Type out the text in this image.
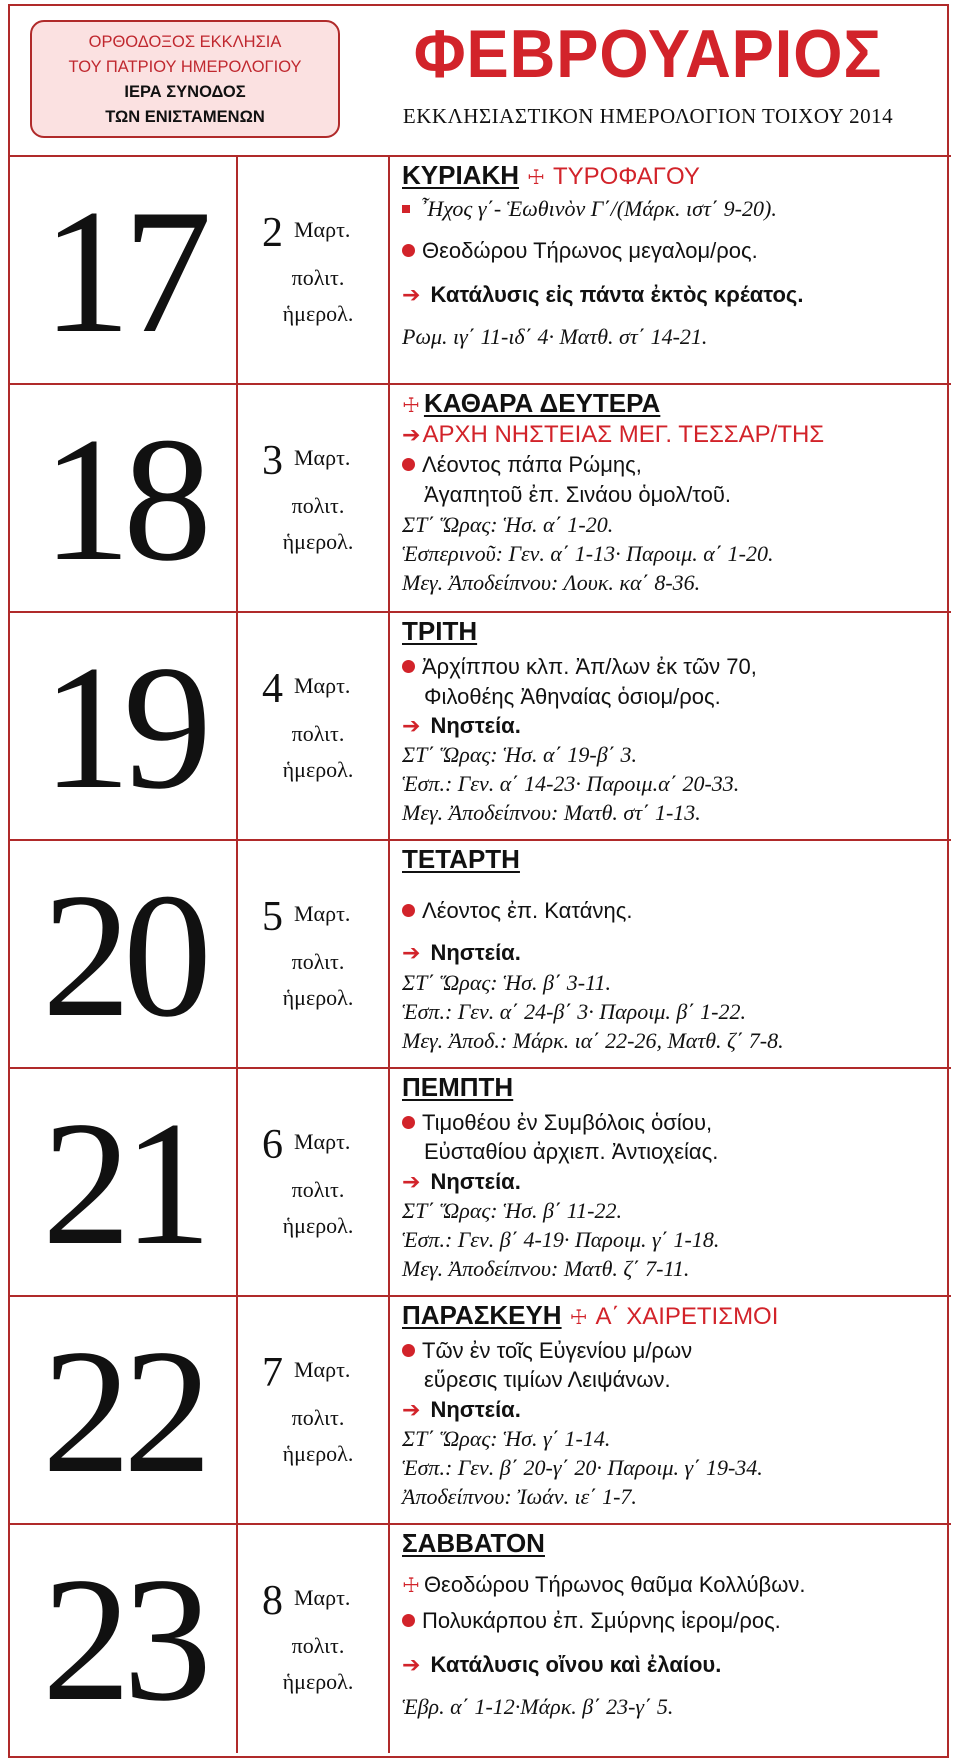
ΟΡΘΟΔΟΞΟΣ ΕΚΚΛΗΣΙΑ
ΤΟΥ ΠΑΤΡΙΟΥ ΗΜΕΡΟΛΟΓΙΟΥ
ΙΕΡΑ ΣΥΝΟΔΟΣ
ΤΩΝ ΕΝΙΣΤΑΜΕΝΩΝ
ΦΕΒΡΟΥΑΡΙΟΣ
ΕΚΚΛΗΣΙΑΣΤΙΚΟΝ ΗΜΕΡΟΛΟΓΙΟΝ ΤΟΙΧΟΥ 2014
17	2 Μαρτ.
πολιτ.
ἡμερολ.
ΚΥΡΙΑΚΗ ☩ ΤΥΡΟΦΑΓΟΥ
῏Ηχος γ΄- Ἑωθινὸν Γ΄/(Μάρκ. ιστ΄ 9-20).
Θεοδώρου Τήρωνος μεγαλομ/ρος.
➔ Κατάλυσις εἰς πάντα ἐκτὸς κρέατος.
Ρωμ. ιγ΄ 11-ιδ΄ 4· Ματθ. στ΄ 14-21.
18	3 Μαρτ.
πολιτ.
ἡμερολ.
☩ ΚΑΘΑΡΑ ΔΕΥΤΕΡΑ
➔ΑΡΧΗ ΝΗΣΤΕΙΑΣ ΜΕΓ. ΤΕΣΣΑΡ/ΤΗΣ
Λέοντος πάπα Ρώμης,
Ἀγαπητοῦ ἐπ. Σινάου ὁμολ/τοῦ.
ΣΤ΄ Ὥρας: Ἡσ. α΄ 1-20.
Ἑσπερινοῦ: Γεν. α΄ 1-13· Παροιμ. α΄ 1-20.
Μεγ. Ἀποδείπνου: Λουκ. κα΄ 8-36.
19	4 Μαρτ.
πολιτ.
ἡμερολ.
ΤΡΙΤΗ
Ἀρχίππου κλπ. Ἀπ/λων ἐκ τῶν 70,
Φιλοθέης Ἀθηναίας ὁσιομ/ρος.
➔ Νηστεία.
ΣΤ΄ Ὥρας: Ἡσ. α΄ 19-β΄ 3.
Ἑσπ.: Γεν. α΄ 14-23· Παροιμ.α΄ 20-33.
Μεγ. Ἀποδείπνου: Ματθ. στ΄ 1-13.
20	5 Μαρτ.
πολιτ.
ἡμερολ.
ΤΕΤΑΡΤΗ
Λέοντος ἐπ. Κατάνης.
➔ Νηστεία.
ΣΤ΄ Ὥρας: Ἡσ. β΄ 3-11.
Ἑσπ.: Γεν. α΄ 24-β΄ 3· Παροιμ. β΄ 1-22.
Μεγ. Ἀποδ.: Μάρκ. ια΄ 22-26, Ματθ. ζ΄ 7-8.
21	6 Μαρτ.
πολιτ.
ἡμερολ.
ΠΕΜΠΤΗ
Τιμοθέου ἐν Συμβόλοις ὁσίου,
Εὐσταθίου ἀρχιεπ. Ἀντιοχείας.
➔ Νηστεία.
ΣΤ΄ Ὥρας: Ἡσ. β΄ 11-22.
Ἑσπ.: Γεν. β΄ 4-19· Παροιμ. γ΄ 1-18.
Μεγ. Ἀποδείπνου: Ματθ. ζ΄ 7-11.
22	7 Μαρτ.
πολιτ.
ἡμερολ.
ΠΑΡΑΣΚΕΥΗ ☩ Α΄ ΧΑΙΡΕΤΙΣΜΟΙ
Τῶν ἐν τοῖς Εὐγενίου μ/ρων
εὕρεσις τιμίων Λειψάνων.
➔ Νηστεία.
ΣΤ΄ Ὥρας: Ἡσ. γ΄ 1-14.
Ἑσπ.: Γεν. β΄ 20-γ΄ 20· Παροιμ. γ΄ 19-34.
Ἀποδείπνου: Ἰωάν. ιε΄ 1-7.
23	8 Μαρτ.
πολιτ.
ἡμερολ.
ΣΑΒΒΑΤΟΝ
☩ Θεοδώρου Τήρωνος θαῦμα Κολλύβων.
Πολυκάρπου ἐπ. Σμύρνης ἱερομ/ρος.
➔ Κατάλυσις οἴνου καὶ ἐλαίου.
Ἑβρ. α΄ 1-12·Μάρκ. β΄ 23-γ΄ 5.
